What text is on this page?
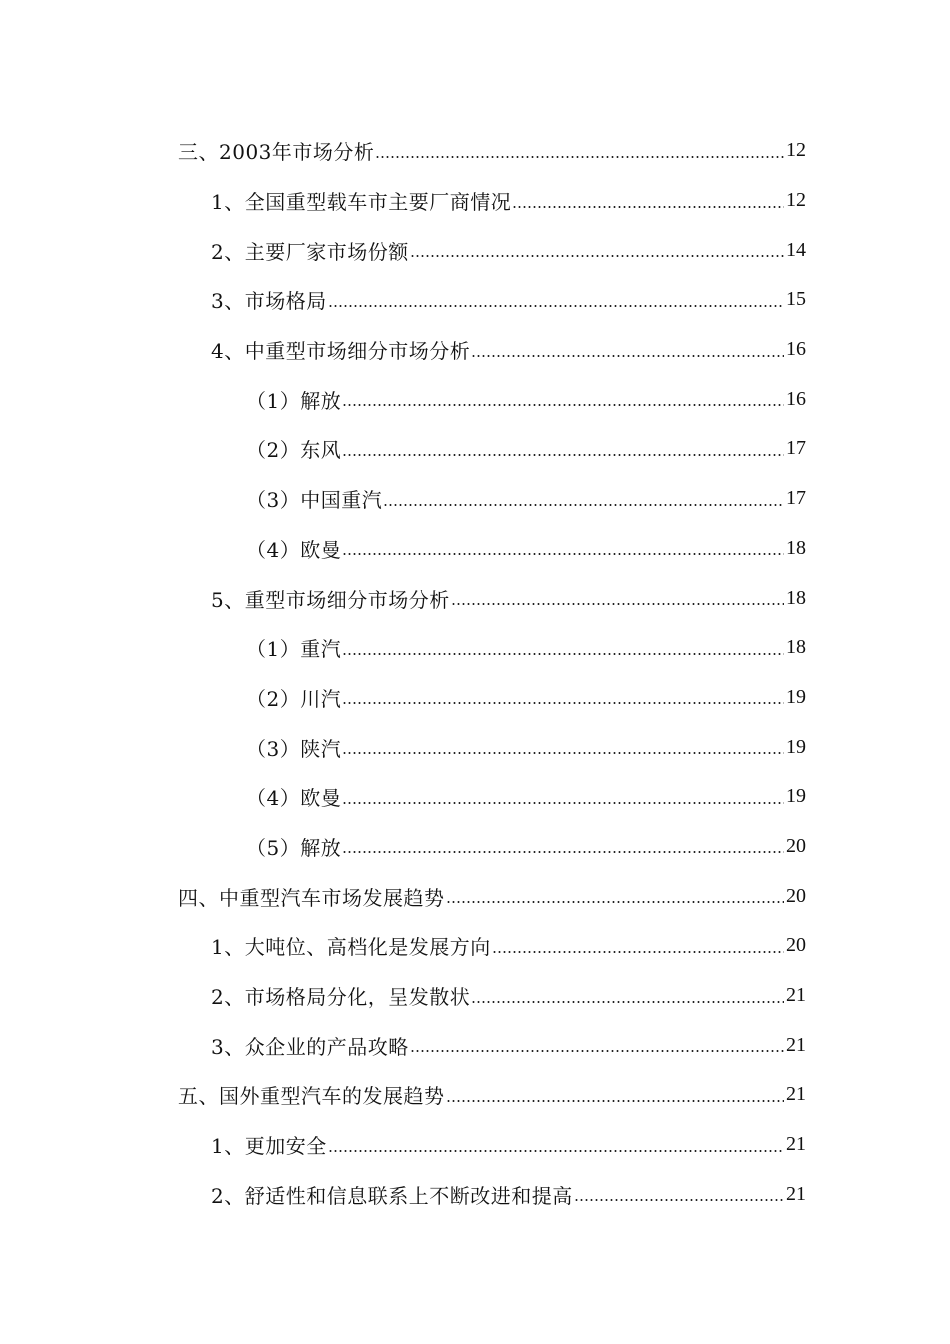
三、2003年市场分析	12
1、全国重型载车市主要厂商情况	12
2、主要厂家市场份额	14
3、市场格局	15
4、中重型市场细分市场分析	16
（1）解放	16
（2）东风	17
（3）中国重汽	17
（4）欧曼	18
5、重型市场细分市场分析	18
（1）重汽	18
（2）川汽	19
（3）陕汽	19
（4）欧曼	19
（5）解放	20
四、中重型汽车市场发展趋势	20
1、大吨位、高档化是发展方向	20
2、市场格局分化，呈发散状	21
3、众企业的产品攻略	21
五、国外重型汽车的发展趋势	21
1、更加安全	21
2、舒适性和信息联系上不断改进和提高	21
